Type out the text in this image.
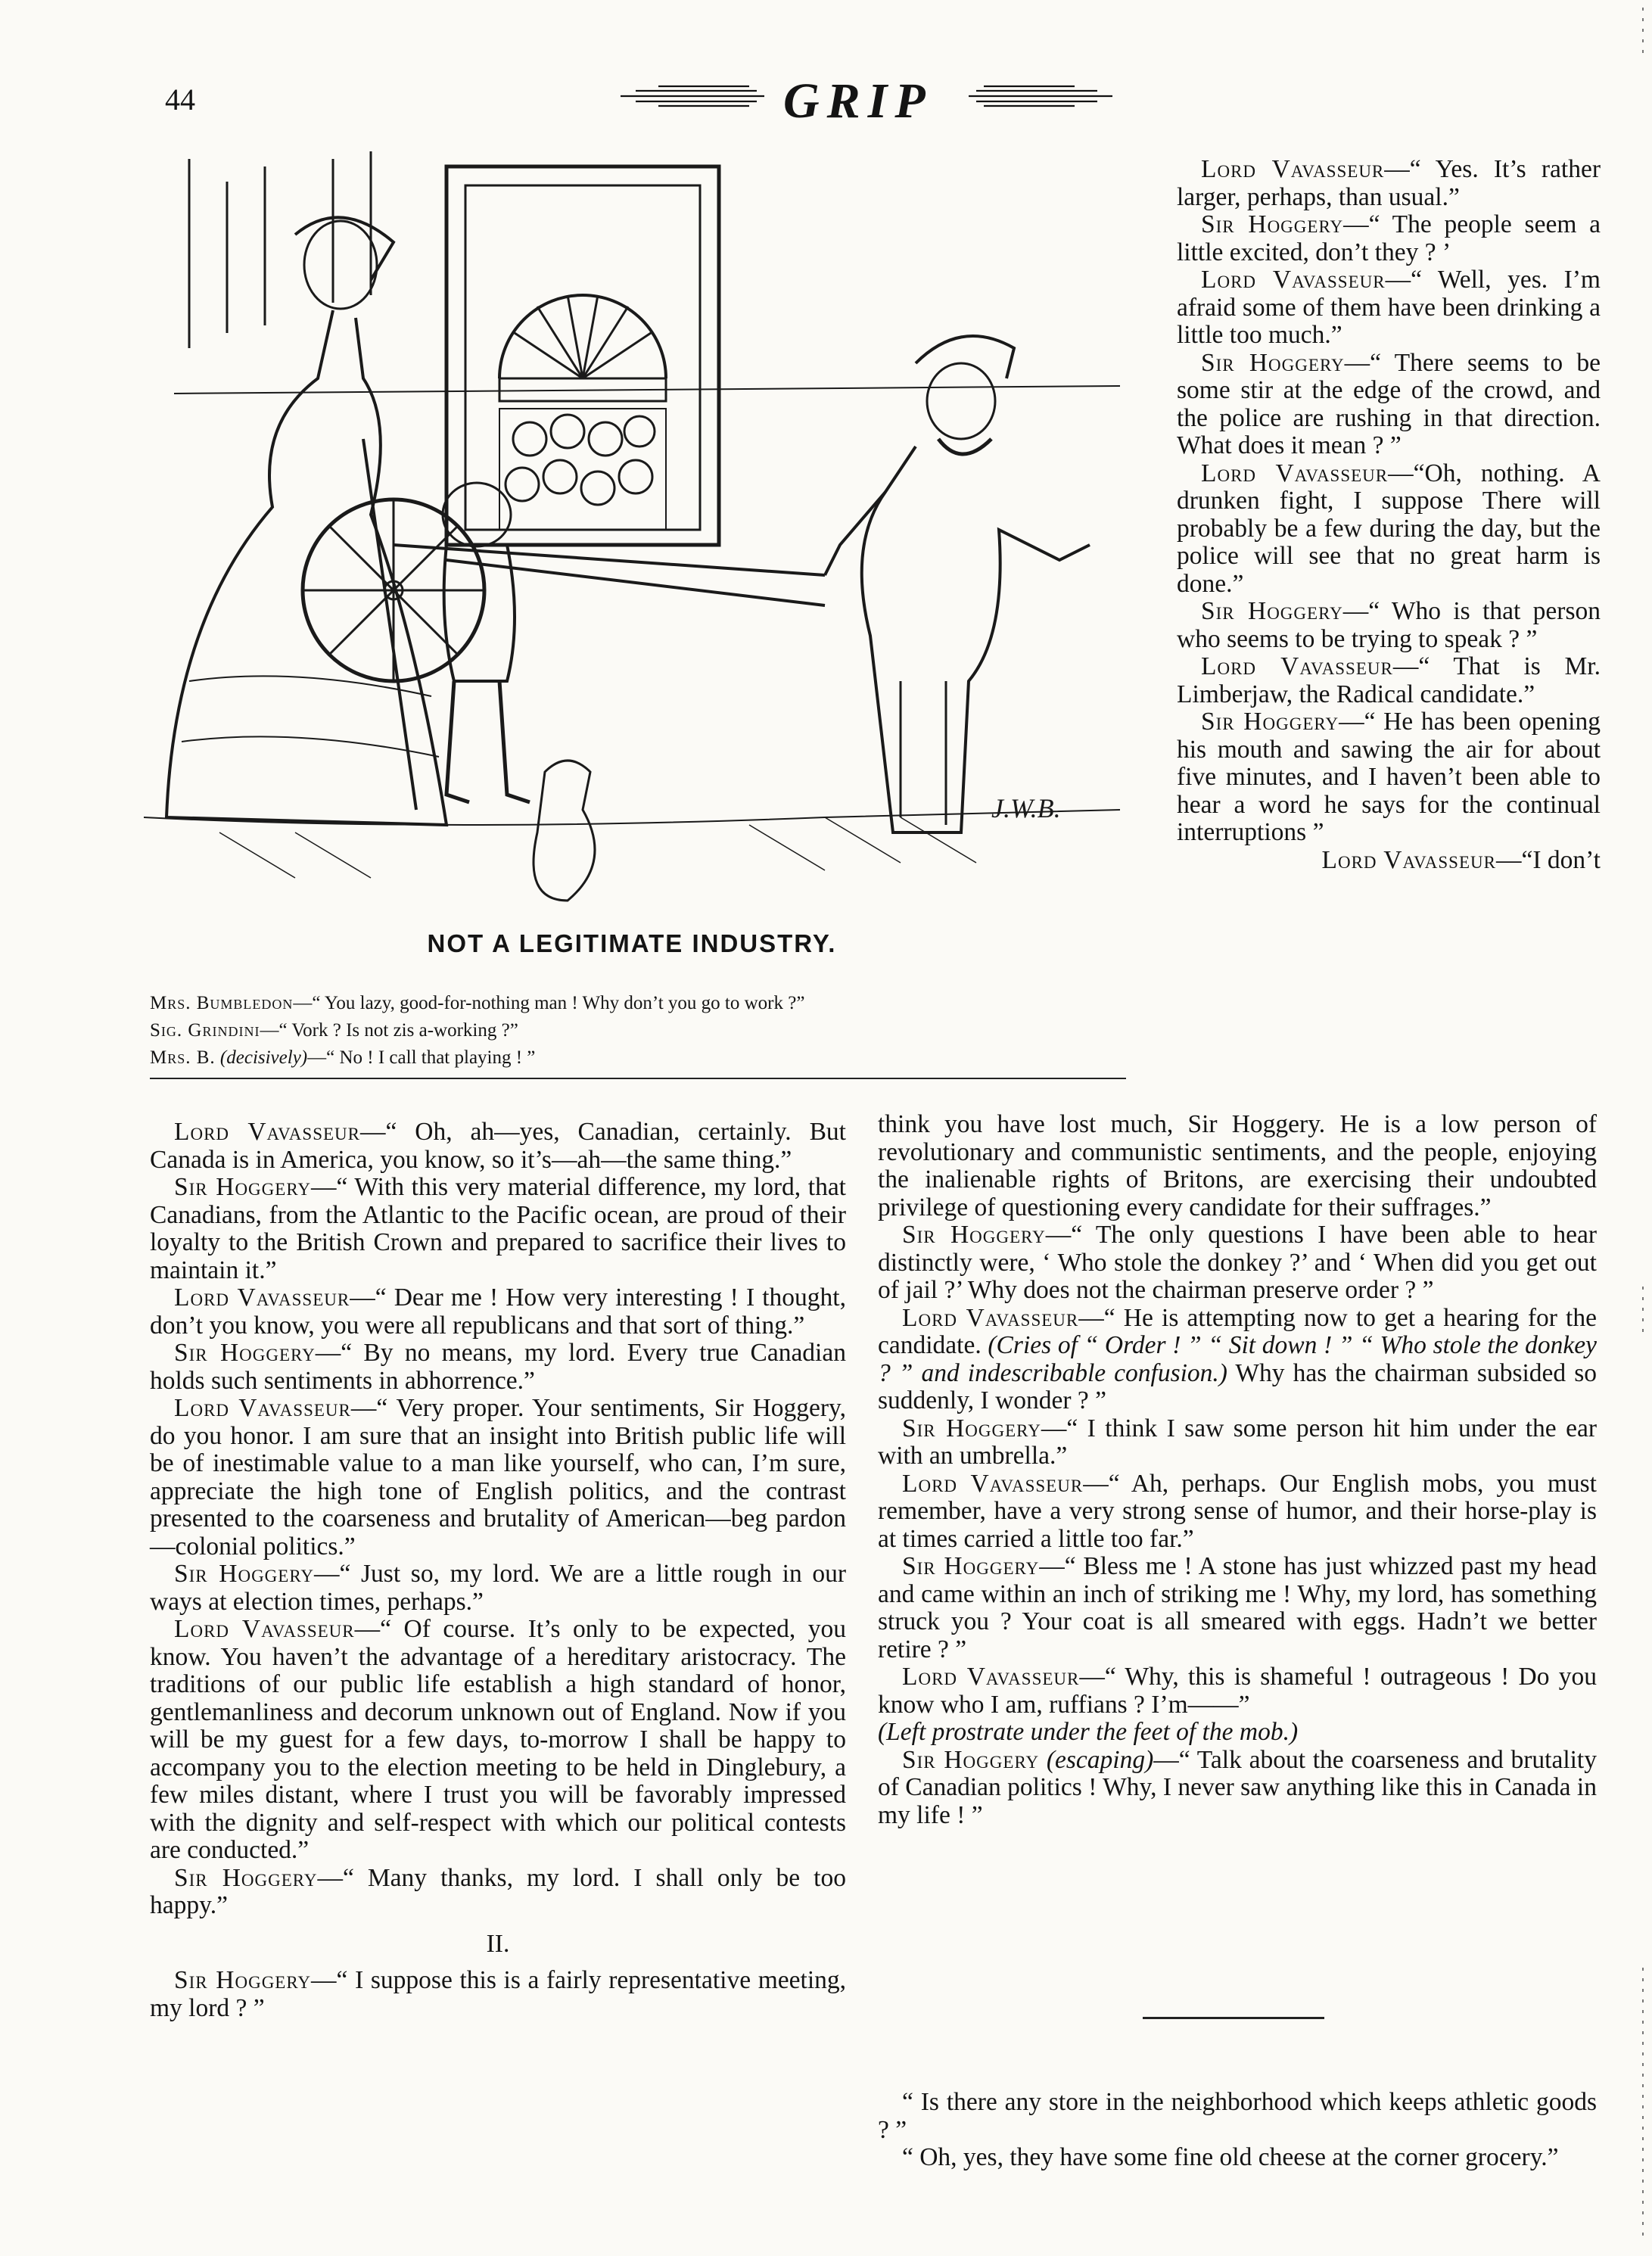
44	GRIP
J.W.B.
NOT A LEGITIMATE INDUSTRY.
Mrs. Bumbledon—“ You lazy, good-for-nothing man ! Why don’t you go to work ?”
Sig. Grindini—“ Vork ? Is not zis a-working ?”
Mrs. B. (decisively)—“ No ! I call that playing ! ”

Lord Vavasseur—“ Yes. It’s rather larger, perhaps, than usual.”

Sir Hoggery—“ The people seem a little excited, don’t they ? ’

Lord Vavasseur—“ Well, yes. I’m afraid some of them have been drinking a little too much.”

Sir Hoggery—“ There seems to be some stir at the edge of the crowd, and the police are rushing in that direction. What does it mean ? ”

Lord Vavasseur—“Oh, nothing. A drunken fight, I suppose There will probably be a few during the day, but the police will see that no great harm is done.”

Sir Hoggery—“ Who is that person who seems to be trying to speak ? ”

Lord Vavasseur—“ That is Mr. Limberjaw, the Radical candidate.”

Sir Hoggery—“ He has been opening his mouth and sawing the air for about five minutes, and I haven’t been able to hear a word he says for the continual interruptions ”

Lord Vavasseur—“I don’t

Lord Vavasseur—“ Oh, ah—yes, Canadian, certainly. But Canada is in America, you know, so it’s—ah—the same thing.”

Sir Hoggery—“ With this very material difference, my lord, that Canadians, from the Atlantic to the Pacific ocean, are proud of their loyalty to the British Crown and prepared to sacrifice their lives to maintain it.”

Lord Vavasseur—“ Dear me ! How very interesting ! I thought, don’t you know, you were all republicans and that sort of thing.”

Sir Hoggery—“ By no means, my lord. Every true Canadian holds such sentiments in abhorrence.”

Lord Vavasseur—“ Very proper. Your sentiments, Sir Hoggery, do you honor. I am sure that an insight into British public life will be of inestimable value to a man like yourself, who can, I’m sure, appreciate the high tone of English politics, and the contrast presented to the coarseness and brutality of American—beg pardon—colonial politics.”

Sir Hoggery—“ Just so, my lord. We are a little rough in our ways at election times, perhaps.”

Lord Vavasseur—“ Of course. It’s only to be expected, you know. You haven’t the advantage of a hereditary aristocracy. The traditions of our public life establish a high standard of honor, gentlemanliness and decorum unknown out of England. Now if you will be my guest for a few days, to-morrow I shall be happy to accompany you to the election meeting to be held in Dinglebury, a few miles distant, where I trust you will be favorably impressed with the dignity and self-respect with which our political contests are conducted.”

Sir Hoggery—“ Many thanks, my lord. I shall only be too happy.”

II.

Sir Hoggery—“ I suppose this is a fairly representative meeting, my lord ? ”

think you have lost much, Sir Hoggery. He is a low person of revolutionary and communistic sentiments, and the people, enjoying the inalienable rights of Britons, are exercising their undoubted privilege of questioning every candidate for their suffrages.”

Sir Hoggery—“ The only questions I have been able to hear distinctly were, ‘ Who stole the donkey ?’ and ‘ When did you get out of jail ?’ Why does not the chairman preserve order ? ”

Lord Vavasseur—“ He is attempting now to get a hearing for the candidate. (Cries of “ Order ! ” “ Sit down ! ” “ Who stole the donkey ? ” and indescribable confusion.) Why has the chairman subsided so suddenly, I wonder ? ”

Sir Hoggery—“ I think I saw some person hit him under the ear with an umbrella.”

Lord Vavasseur—“ Ah, perhaps. Our English mobs, you must remember, have a very strong sense of humor, and their horse-play is at times carried a little too far.”

Sir Hoggery—“ Bless me ! A stone has just whizzed past my head and came within an inch of striking me ! Why, my lord, has something struck you ? Your coat is all smeared with eggs. Hadn’t we better retire ? ”

Lord Vavasseur—“ Why, this is shameful ! outrageous ! Do you know who I am, ruffians ? I’m——”

(Left prostrate under the feet of the mob.)

Sir Hoggery (escaping)—“ Talk about the coarseness and brutality of Canadian politics ! Why, I never saw anything like this in Canada in my life ! ”

“ Is there any store in the neighborhood which keeps athletic goods ? ”

“ Oh, yes, they have some fine old cheese at the corner grocery.”
